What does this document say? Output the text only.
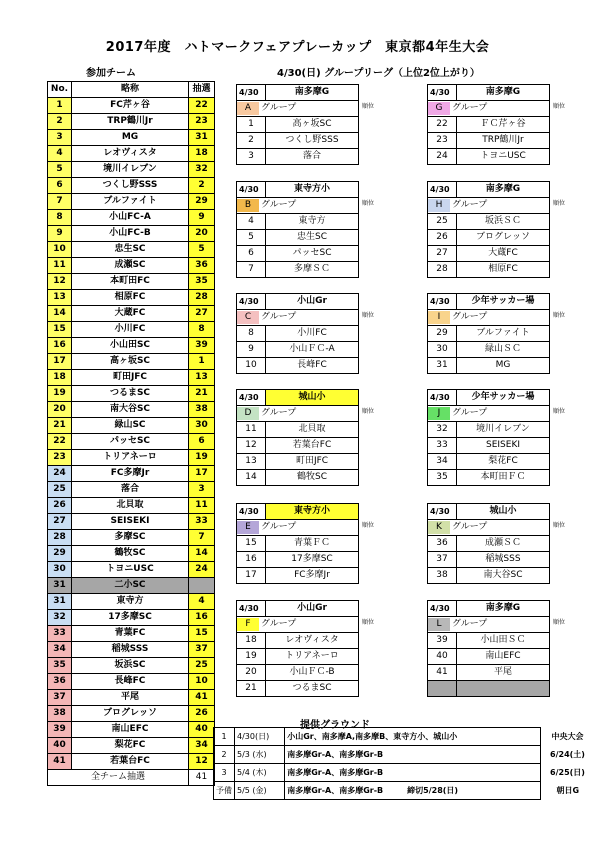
2017年度　ハトマークフェアプレーカップ　東京都4年生大会
参加チーム	4/30(日) グループリーグ（上位2位上がり）
No.	略称	抽選
1	FC芹ヶ谷	22
2	TRP鶴川Jr	23
3	MG	31
4	レオヴィスタ	18
5	境川イレブン	32
6	つくし野SSS	2
7	ブルファイト	29
8	小山FC-A	9
9	小山FC-B	20
10	忠生SC	5
11	成瀬SC	36
12	本町田FC	35
13	相原FC	28
14	大蔵FC	27
15	小川FC	8
16	小山田SC	39
17	高ヶ坂SC	1
18	町田JFC	13
19	つるまSC	21
20	南大谷SC	38
21	緑山SC	30
22	パッセSC	6
23	トリアネーロ	19
24	FC多摩Jr	17
25	落合	3
26	北貝取	11
27	SEISEKI	33
28	多摩SC	7
29	鶴牧SC	14
30	トヨニUSC	24
31	二小SC	
31	東寺方	4
32	17多摩SC	16
33	青葉FC	15
34	稲城SSS	37
35	坂浜SC	25
36	長峰FC	10
37	平尾	41
38	ブログレッソ	26
39	南山EFC	40
40	梨花FC	34
41	若葉台FC	12
全チーム抽選		41
4/30	南多摩G
A グループ	
1	高ヶ坂SC
2	つくし野SSS
3	落合
順位
4/30	南多摩G
G グループ	
22	ＦＣ芹ヶ谷
23	TRP鶴川Jr
24	トヨニUSC
順位
4/30	東寺方小
B グループ	
4	東寺方
5	忠生SC
6	パッセSC
7	多摩ＳＣ
順位
4/30	南多摩G
H グループ	
25	坂浜ＳＣ
26	ブログレッソ
27	大蔵FC
28	相原FC
順位
4/30	小山Gr
C グループ	
8	小川FC
9	小山ＦＣ-A
10	長峰FC
順位
4/30	少年サッカー場
I グループ	
29	ブルファイト
30	緑山ＳＣ
31	MG
順位
4/30	城山小
D グループ	
11	北貝取
12	若葉台FC
13	町田JFC
14	鶴牧SC
順位
4/30	少年サッカー場
J グループ	
32	境川イレブン
33	SEISEKI
34	梨花FC
35	本町田ＦＣ
順位
4/30	東寺方小
E グループ	
15	青葉ＦＣ
16	17多摩SC
17	FC多摩Jr
順位
4/30	城山小
K グループ	
36	成瀬ＳＣ
37	稲城SSS
38	南大谷SC
順位
4/30	小山Gr
F グループ	
18	レオヴィスタ
19	トリアネーロ
20	小山ＦＣ-B
21	つるまSC
順位
4/30	南多摩G
L グループ	
39	小山田ＳＣ
40	南山EFC
41	平尾

順位
提供グラウンド
1	4/30(日)	小山Gr、南多摩A,南多摩B、東寺方小、城山小	中央大会
2	5/3 (水)	南多摩Gr-A、南多摩Gr-B	6/24(土)
3	5/4 (木)	南多摩Gr-A、南多摩Gr-B	6/25(日)
予備	5/5 (金)	南多摩Gr-A、南多摩Gr-B　　　締切5/28(日)	朝日G
